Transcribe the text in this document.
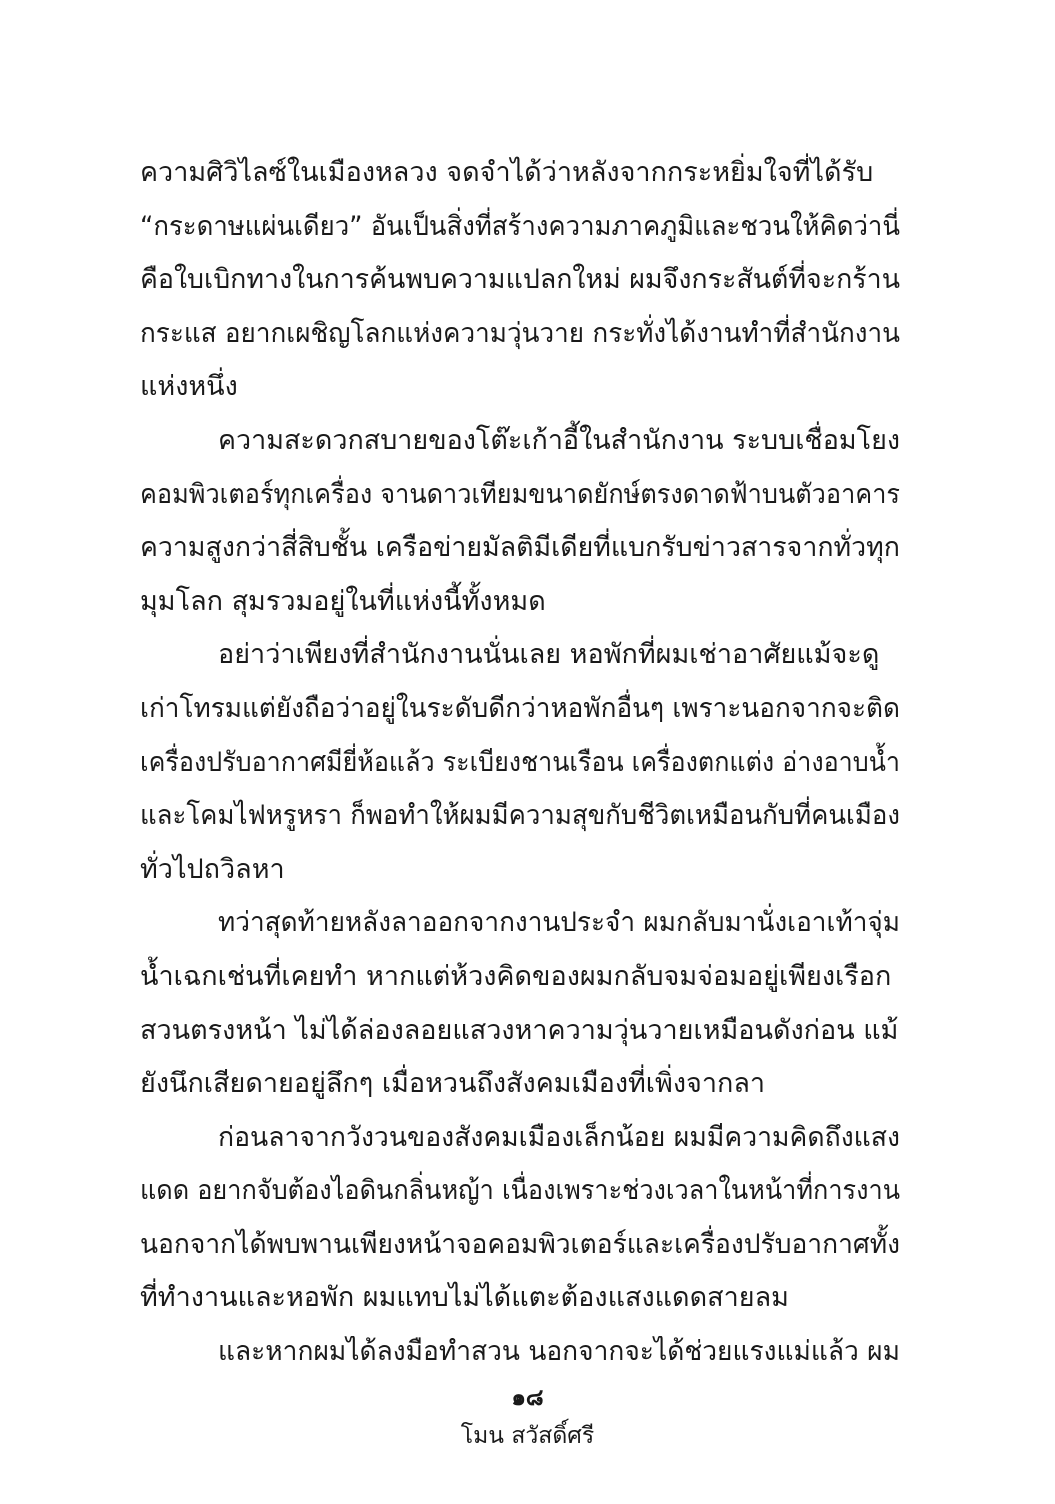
ความศิวิไลซ์ในเมืองหลวง จดจำได้ว่าหลังจากกระหยิ่มใจที่ได้รับ
“กระดาษแผ่นเดียว” อันเป็นสิ่งที่สร้างความภาคภูมิและชวนให้คิดว่านี่
คือใบเบิกทางในการค้นพบความแปลกใหม่ ผมจึงกระสันต์ที่จะกร้าน
กระแส อยากเผชิญโลกแห่งความวุ่นวาย กระทั่งได้งานทำที่สำนักงาน
แห่งหนึ่ง
ความสะดวกสบายของโต๊ะเก้าอี้ในสำนักงาน ระบบเชื่อมโยง
คอมพิวเตอร์ทุกเครื่อง จานดาวเทียมขนาดยักษ์ตรงดาดฟ้าบนตัวอาคาร
ความสูงกว่าสี่สิบชั้น เครือข่ายมัลติมีเดียที่แบกรับข่าวสารจากทั่วทุก
มุมโลก สุมรวมอยู่ในที่แห่งนี้ทั้งหมด
อย่าว่าเพียงที่สำนักงานนั่นเลย หอพักที่ผมเช่าอาศัยแม้จะดู
เก่าโทรมแต่ยังถือว่าอยู่ในระดับดีกว่าหอพักอื่นๆ เพราะนอกจากจะติด
เครื่องปรับอากาศมียี่ห้อแล้ว ระเบียงชานเรือน เครื่องตกแต่ง อ่างอาบน้ำ
และโคมไฟหรูหรา ก็พอทำให้ผมมีความสุขกับชีวิตเหมือนกับที่คนเมือง
ทั่วไปถวิลหา
ทว่าสุดท้ายหลังลาออกจากงานประจำ ผมกลับมานั่งเอาเท้าจุ่ม
น้ำเฉกเช่นที่เคยทำ หากแต่ห้วงคิดของผมกลับจมจ่อมอยู่เพียงเรือก
สวนตรงหน้า ไม่ได้ล่องลอยแสวงหาความวุ่นวายเหมือนดังก่อน แม้
ยังนึกเสียดายอยู่ลึกๆ เมื่อหวนถึงสังคมเมืองที่เพิ่งจากลา
ก่อนลาจากวังวนของสังคมเมืองเล็กน้อย ผมมีความคิดถึงแสง
แดด อยากจับต้องไอดินกลิ่นหญ้า เนื่องเพราะช่วงเวลาในหน้าที่การงาน
นอกจากได้พบพานเพียงหน้าจอคอมพิวเตอร์และเครื่องปรับอากาศทั้ง
ที่ทำงานและหอพัก ผมแทบไม่ได้แตะต้องแสงแดดสายลม
และหากผมได้ลงมือทำสวน นอกจากจะได้ช่วยแรงแม่แล้ว ผม
๑๘
โมน สวัสดิ์ศรี
